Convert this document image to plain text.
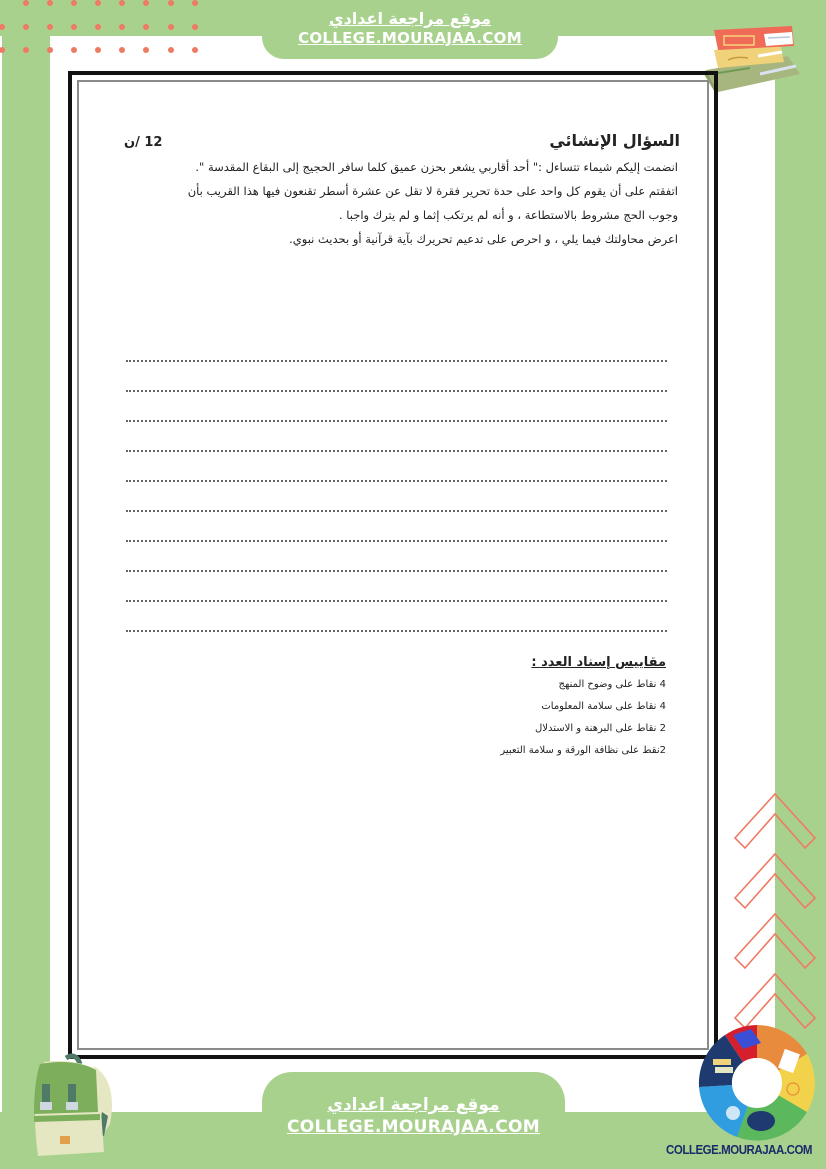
موقع مراجعة اعدادي
COLLEGE.MOURAJAA.COM
السؤال الإنشائي
12 /ن
انضمت إليكم شيماء تتساءل :" أحد أقاربي يشعر بحزن عميق كلما سافر الحجيج إلى البقاع المقدسة ".
اتفقتم على أن يقوم كل واحد على حدة تحرير فقرة لا تقل عن عشرة أسطر تقنعون فيها هذا القريب بأن
وجوب الحج مشروط بالاستطاعة ، و أنه لم يرتكب إثما و لم يترك واجبا .
اعرض محاولتك فيما يلي ، و احرص على تدعيم تحريرك بآية قرآنية أو بحديث نبوي.
مقاييس إسناد العدد :
4 نقاط على وضوح المنهج
4 نقاط على سلامة المعلومات
2 نقاط على البرهنة و الاستدلال
2نقط على نظافة الورقة و سلامة التعبير
موقع مراجعة اعدادي
COLLEGE.MOURAJAA.COM
COLLEGE.MOURAJAA.COM
